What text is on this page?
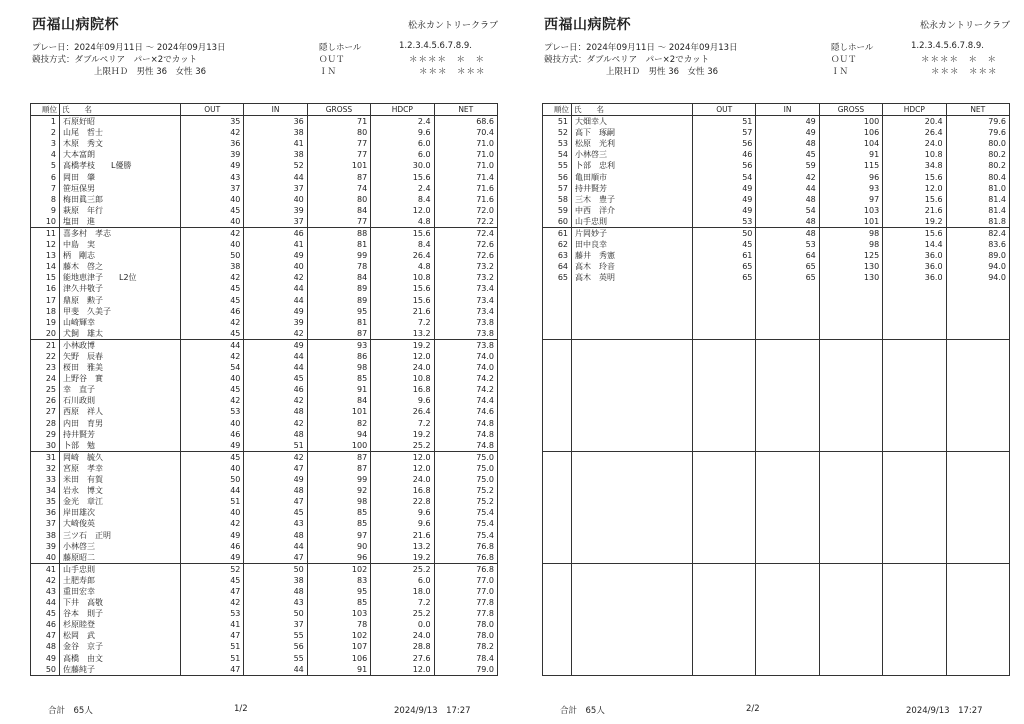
西福山病院杯	松永カントリークラブ
プレー日：2024年09月11日 ～ 2024年09月13日
競技方式：ダブルペリア　パー×2でカット
上限ＨＤ　男性 36　女性 36
隠しホール
ＯＵＴ
ＩＮ
1.2.3.4.5.6.7.8.9.
＊＊＊＊　＊　＊
＊＊＊　＊＊＊
順位	氏　　名	OUT	IN	GROSS	HDCP	NET
1	石原好昭	35	36	71	2.4	68.6
2	山尾　哲士	42	38	80	9.6	70.4
3	木原　秀文	36	41	77	6.0	71.0
4	大本富朗	39	38	77	6.0	71.0
5	高橋孝枝　　L優勝	49	52	101	30.0	71.0
6	岡田　肇	43	44	87	15.6	71.4
7	笹垣保男	37	37	74	2.4	71.6
8	梅田眞三郎	40	40	80	8.4	71.6
9	萩原　年行	45	39	84	12.0	72.0
10	塩田　進	40	37	77	4.8	72.2
11	喜多村　孝志	42	46	88	15.6	72.4
12	中島　実	40	41	81	8.4	72.6
13	柄　剛志	50	49	99	26.4	72.6
14	藤木　啓之	38	40	78	4.8	73.2
15	能地恵津子　　L2位	42	42	84	10.8	73.2
16	津久井敬子	45	44	89	15.6	73.4
17	鼎原　勲子	45	44	89	15.6	73.4
18	甲斐　久美子	46	49	95	21.6	73.4
19	山崎輝幸	42	39	81	7.2	73.8
20	犬飼　雄太	45	42	87	13.2	73.8
21	小林政博	44	49	93	19.2	73.8
22	矢野　辰春	42	44	86	12.0	74.0
23	桜田　雅美	54	44	98	24.0	74.0
24	上野谷　實	40	45	85	10.8	74.2
25	幸　直子	45	46	91	16.8	74.2
26	石川政則	42	42	84	9.6	74.4
27	西原　祥人	53	48	101	26.4	74.6
28	内田　育男	40	42	82	7.2	74.8
29	持井賢芳	46	48	94	19.2	74.8
30	卜部　勉	49	51	100	25.2	74.8
31	岡崎　毓久	45	42	87	12.0	75.0
32	宮原　孝幸	40	47	87	12.0	75.0
33	米田　有賀	50	49	99	24.0	75.0
34	岩永　博文	44	48	92	16.8	75.2
35	金光　章江	51	47	98	22.8	75.2
36	岸田雄次	40	45	85	9.6	75.4
37	大崎俊英	42	43	85	9.6	75.4
38	三ツ石　正明	49	48	97	21.6	75.4
39	小林啓三	46	44	90	13.2	76.8
40	藤原昭二	49	47	96	19.2	76.8
41	山手忠則	52	50	102	25.2	76.8
42	土肥寿郎	45	38	83	6.0	77.0
43	重田宏幸	47	48	95	18.0	77.0
44	下井　高敬	42	43	85	7.2	77.8
45	谷本　則子	53	50	103	25.2	77.8
46	杉原睦登	41	37	78	0.0	78.0
47	松岡　武	47	55	102	24.0	78.0
48	金谷　京子	51	56	107	28.8	78.2
49	高橋　由文	51	55	106	27.6	78.4
50	佐藤純子	47	44	91	12.0	79.0
合計　65人	1/2	2024/9/13　17:27
西福山病院杯	松永カントリークラブ
プレー日：2024年09月11日 ～ 2024年09月13日
競技方式：ダブルペリア　パー×2でカット
上限ＨＤ　男性 36　女性 36
隠しホール
ＯＵＴ
ＩＮ
1.2.3.4.5.6.7.8.9.
＊＊＊＊　＊　＊
＊＊＊　＊＊＊
順位	氏　　名	OUT	IN	GROSS	HDCP	NET
51	大畑幸人	51	49	100	20.4	79.6
52	高下　琢嗣	57	49	106	26.4	79.6
53	松原　光利	56	48	104	24.0	80.0
54	小林啓三	46	45	91	10.8	80.2
55	卜部　忠利	56	59	115	34.8	80.2
56	亀田順市	54	42	96	15.6	80.4
57	持井賢芳	49	44	93	12.0	81.0
58	三木　豊子	49	48	97	15.6	81.4
59	中西　洋介	49	54	103	21.6	81.4
60	山手忠則	53	48	101	19.2	81.8
61	片岡妙子	50	48	98	15.6	82.4
62	田中良幸	45	53	98	14.4	83.6
63	藤井　秀憲	61	64	125	36.0	89.0
64	高木　玲音	65	65	130	36.0	94.0
65	高木　英明	65	65	130	36.0	94.0

合計　65人	2/2	2024/9/13　17:27
